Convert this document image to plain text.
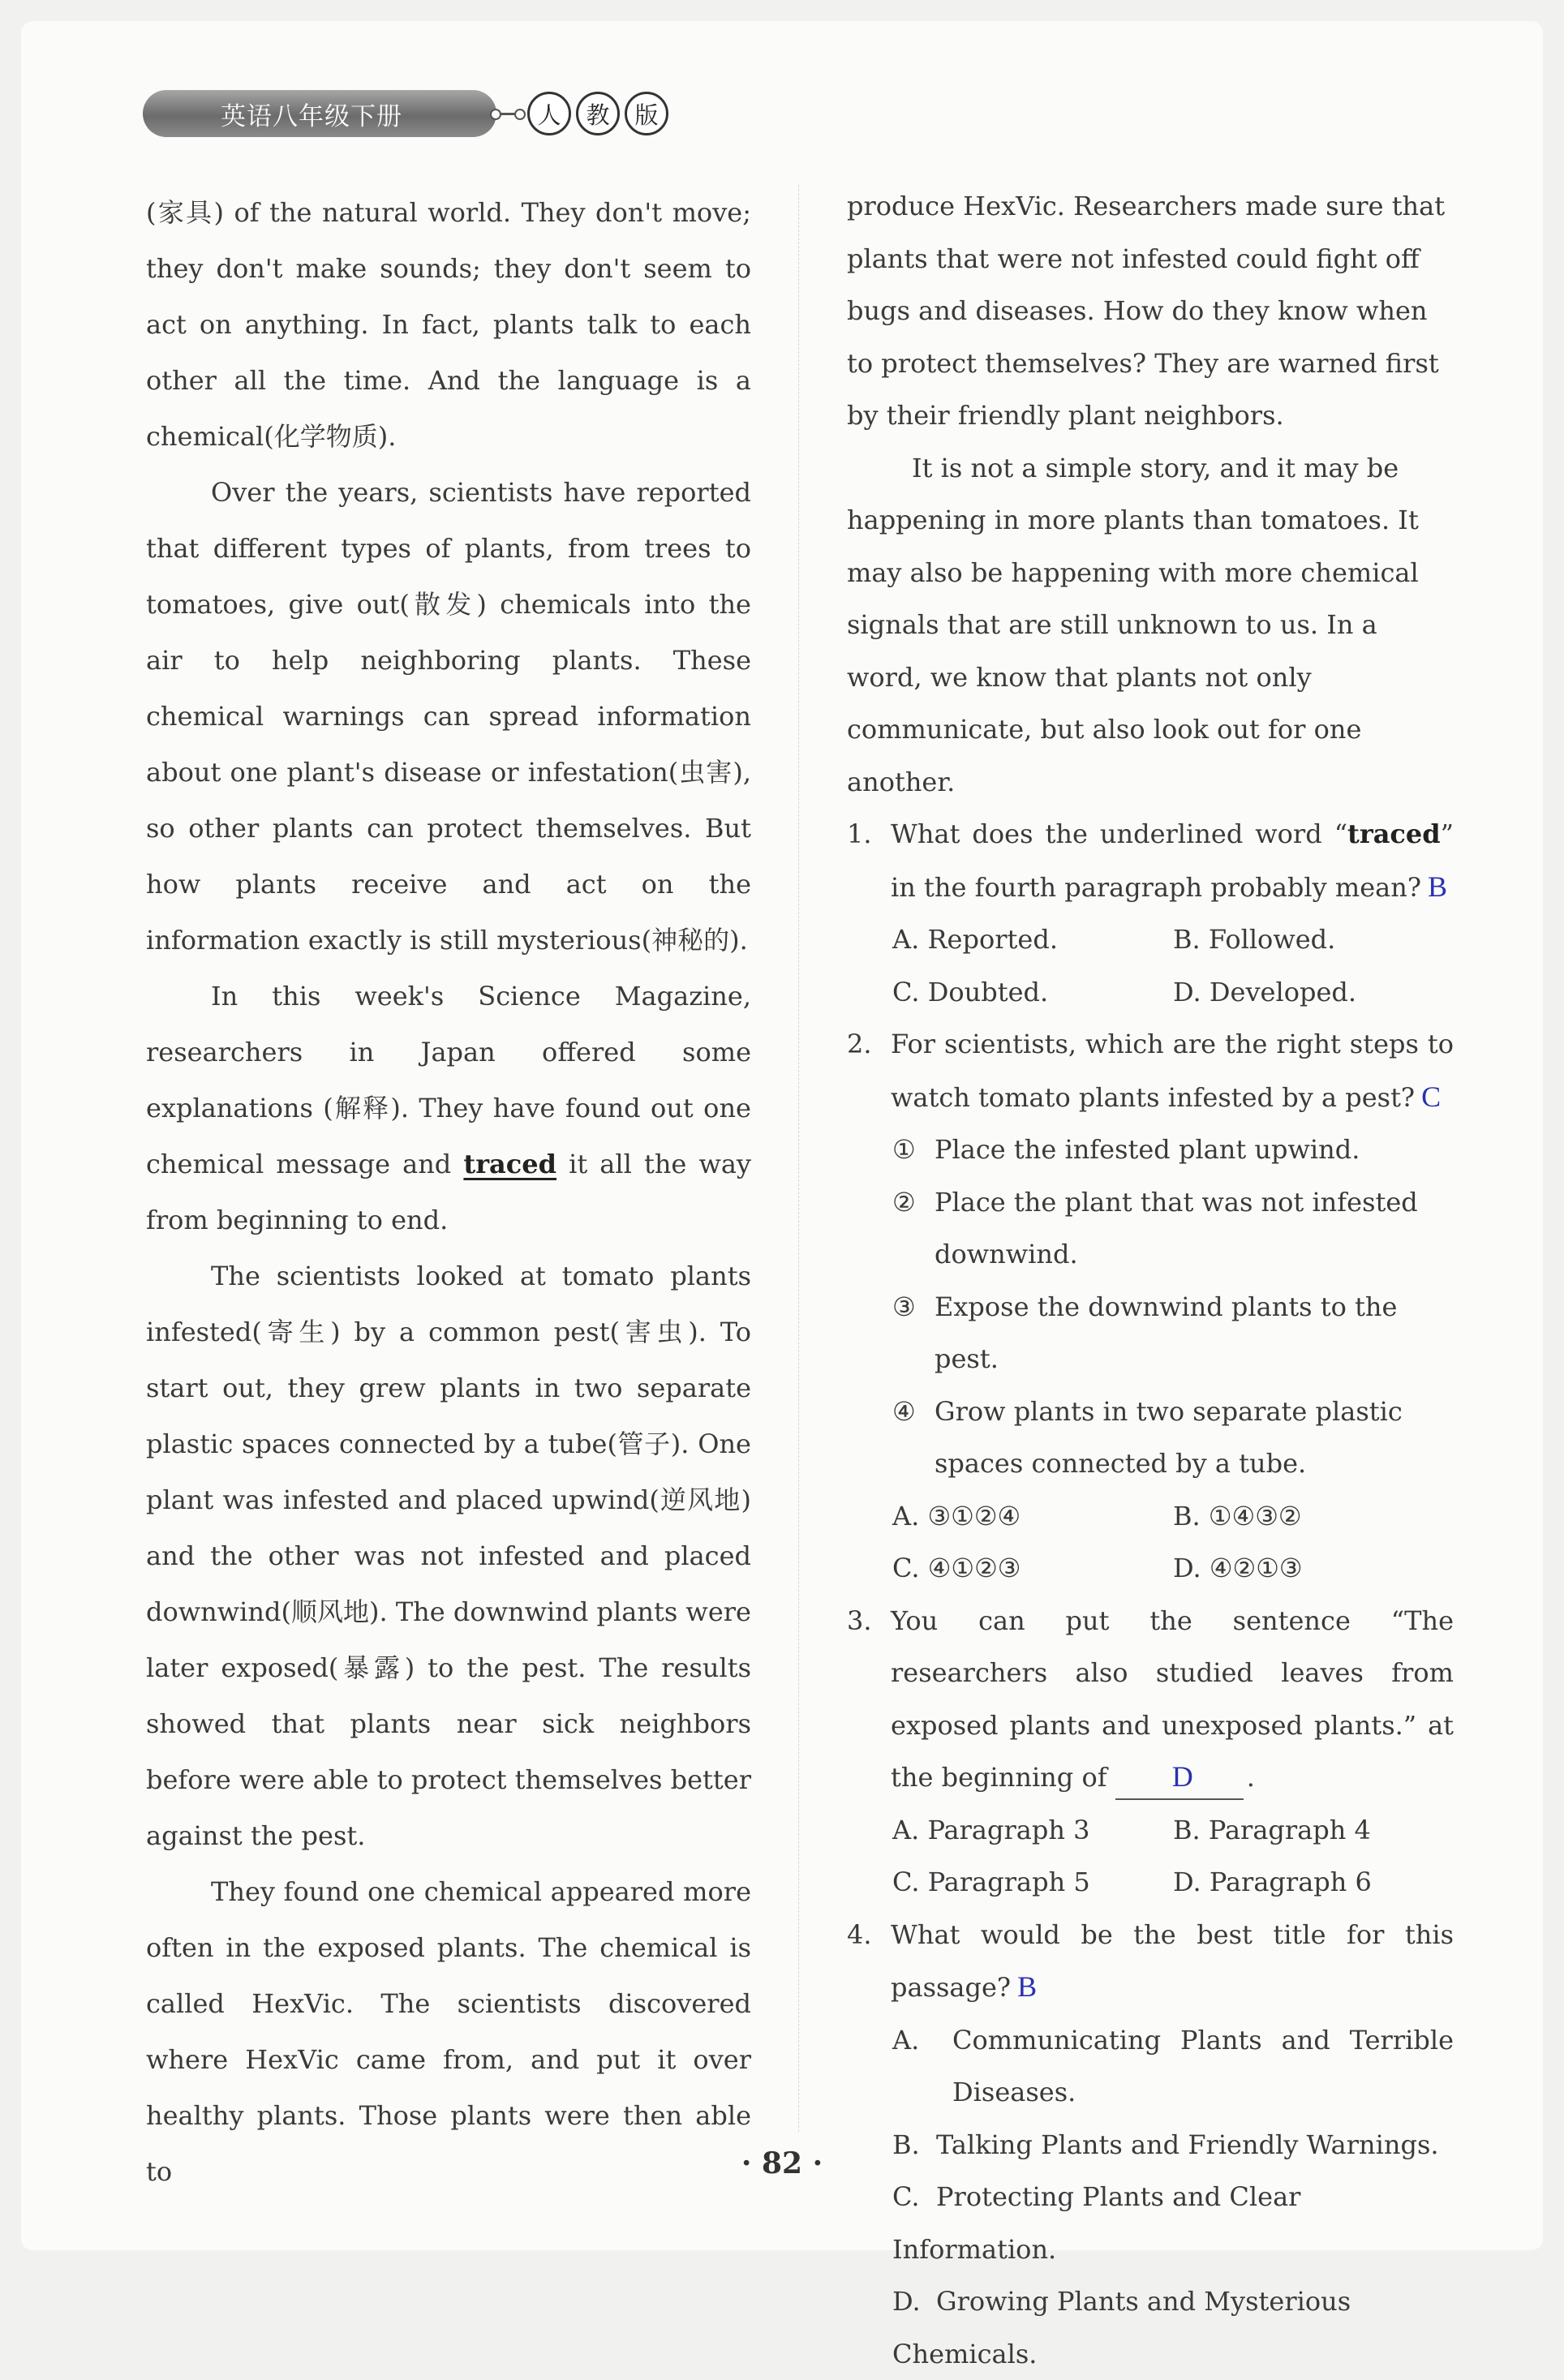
英语八年级下册	人	教	版

(家具) of the natural world. They don't move; they don't make sounds; they don't seem to act on anything. In fact, plants talk to each other all the time. And the language is a chemical(化学物质).

Over the years, scientists have reported that different types of plants, from trees to tomatoes, give out(散发) chemicals into the air to help neighboring plants. These chemical warnings can spread information about one plant's disease or infestation(虫害), so other plants can protect themselves. But how plants receive and act on the information exactly is still mysterious(神秘的).

In this week's Science Magazine, researchers in Japan offered some explanations (解释). They have found out one chemical message and traced it all the way from beginning to end.

The scientists looked at tomato plants infested(寄生) by a common pest(害虫). To start out, they grew plants in two separate plastic spaces connected by a tube(管子). One plant was infested and placed upwind(逆风地) and the other was not infested and placed downwind(顺风地). The downwind plants were later exposed(暴露) to the pest. The results showed that plants near sick neighbors before were able to protect themselves better against the pest.

They found one chemical appeared more often in the exposed plants. The chemical is called HexVic. The scientists discovered where HexVic came from, and put it over healthy plants. Those plants were then able to

produce HexVic. Researchers made sure that plants that were not infested could fight off bugs and diseases. How do they know when to protect themselves? They are warned first by their friendly plant neighbors.

It is not a simple story, and it may be happening in more plants than tomatoes. It may also be happening with more chemical signals that are still unknown to us. In a word, we know that plants not only communicate, but also look out for one another.

1. What does the underlined word “traced” in the fourth paragraph probably mean? B
A. Reported.	B. Followed.
C. Doubted.	D. Developed.
2. For scientists, which are the right steps to watch tomato plants infested by a pest? C
① Place the infested plant upwind.
② Place the plant that was not infested downwind.
③ Expose the downwind plants to the pest.
④ Grow plants in two separate plastic spaces connected by a tube.
A. ③①②④	B. ①④③②
C. ④①②③	D. ④②①③
3. You can put the sentence “The researchers also studied leaves from exposed plants and unexposed plants.” at the beginning of D .
A. Paragraph 3	B. Paragraph 4
C. Paragraph 5	D. Paragraph 6
4. What would be the best title for this passage? B
A.	Communicating Plants and Terrible Diseases.
B. Talking Plants and Friendly Warnings.
C. Protecting Plants and Clear Information.
D. Growing Plants and Mysterious Chemicals.
· 82 ·
